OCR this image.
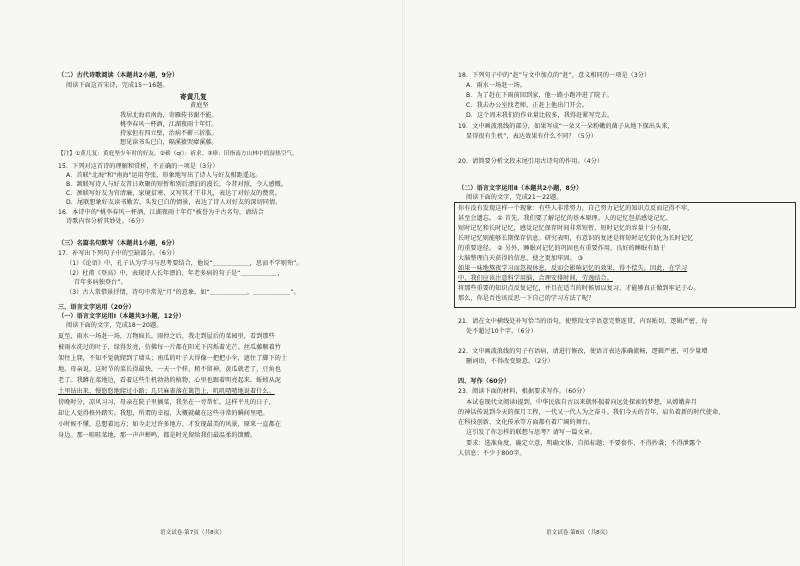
（二）古代诗歌阅读（本题共2小题，9分）
阅读下面这首宋诗，完成15～16题。
寄黄几复
黄庭坚
我居北海君南海，寄雁传书谢不能。
桃李春风一杯酒，江湖夜雨十年灯。
持家但有四立壁，治病不蕲三折肱。
想见读书头已白，隔溪猿哭瘴溪藤。
【注】①黄几复：黄庭坚少年时的好友。②蕲（qí）：祈求。③瘴：旧指南方山林中的湿热空气。
15．下列对这首诗的理解和赏析，不正确的一项是（3分）
A．首联"北海"和"南海"运用夸张，形象地写出了诗人与好友相距遥远。
B．颔联写诗人与好友昔日欢聚的短暂和别后漂泊的漫长，今昔对照，令人感慨。
C．颈联写好友为官清廉、家境贫寒，又写其才干非凡，表达了对好友的赞赏。
D．尾联想象好友读书勤苦、头发已白的情景，表达了诗人对好友的深切同情。
16．本诗中的"桃李春风一杯酒，江湖夜雨十年灯"被誉为千古名句，请结合
诗歌内容分析其妙处。（6分）
（三）名篇名句默写（本题共1小题，6分）
17．补写出下列句子中的空缺部分。（6分）
（1）《论语》中，孔子认为学习与思考要结合，他说“＿＿＿＿＿＿，思而不学则殆”。
（2）杜甫《登高》中，表现诗人长年漂泊、年老多病的句子是“＿＿＿＿＿＿，
百年多病独登台”。
（3）古人常借景抒情，诗句中常见“月”的意象，如“＿＿＿＿＿＿，＿＿＿＿＿＿”。
三、语言文字运用（20分）
（一）语言文字运用Ⅰ（本题共3小题，12分）
阅读下面的文字，完成18～20题。
夏至，雨水一场赶一场，万物疯长。雨停之后，我走到屋后的菜园里，看到那些
被雨水洗过的叶子，绿得发亮，仿佛每一片都在阳光下闪烁着光芒。丝瓜藤顺着竹
架往上爬，不知不觉就爬到了墙头；南瓜的叶子大得像一把把小伞，遮住了脚下的土
地。母亲说，这时节的菜长得最快，一天一个样，稍不留神，黄瓜就老了，豆角也
老了。我蹲在菜地边，看着这些生机勃勃的植物，心里也跟着明亮起来。蚯蚓从泥
土里钻出来，慢悠悠地爬过小路；几只麻雀落在篱笆上，叽叽喳喳地说着什么。
傍晚时分，凉风习习，母亲在院子里摘菜，我坐在一旁帮忙。这样平凡的日子，
却让人觉得格外踏实。我想，所谓的幸福，大概就藏在这些寻常的瞬间里吧。
小时候不懂，总想着远方；如今走过许多地方，才发现最美的风景，原来一直都在
身边。那一畦畦菜地，那一声声蝉鸣，都是时光留给我们最温柔的馈赠。
语文试卷·第7页（共8页）
18．下列句子中的“赶”与文中加点的“赶”，意义相同的一项是（3分）
A．雨水一场赶一场。
B．为了赶在下雨前回到家，他一路小跑冲进了院子。
C．我去办公室找老师，正赶上他出门开会。
D．这个周末我们的作业量比较多，我得赶紧写完去。
19．文中画波浪线的部分，如果写成“一朵又一朵粉嫩的菌子从地下探出头来，
显得很有生机”，表达效果有什么不同？（5分）
20．请简要分析文段末尾引用古诗句的作用。（4分）
（二）语言文字运用Ⅱ（本题共2小题，8分）
阅读下面的文字，完成21～22题。
你有没有发现这样一个现象：有些人非常努力，自己努力记忆的知识点反而记得不牢，
甚至会遗忘。 ① 首先，我们要了解记忆的基本原理。人的记忆包括感觉记忆、
短时记忆和长时记忆，感觉记忆保存时间非常短暂，短时记忆的容量十分有限，
长时记忆则能够长期保存信息。研究表明，有意识的复述是将短时记忆转化为长时记忆
的重要途径。 ② 另外，睡眠对记忆的巩固也有重要作用，良好的睡眠有助于
大脑整理白天获得的信息，使之更加牢固。 ③
如果一味地熬夜学习而忽视休息，反而会影响记忆的效果，得不偿失。因此，在学习
中，我们应该注意科学用脑，合理安排时间，劳逸结合。
将那些重要的知识点反复记忆，并且在适当的时候加以复习，才能够真正做到牢记于心。
那么，你是否也该反思一下自己的学习方法了呢？
21．请在文中横线处补写恰当的语句，使整段文字语意完整连贯，内容贴切，逻辑严密，每
处不超过10个字。（6分）
22．文中画波浪线的句子有语病，请进行修改，使语言表达准确流畅，逻辑严密，可少量增
删词语，不得改变原意。（2分）
四、写作（60分）
23．阅读下面的材料，根据要求写作。（60分）
本试卷现代文阅读Ⅰ提到，中华民族自古以来就怀揣着向远处探索的梦想，从嫦娥奔月
的神话传说到今天的探月工程，一代又一代人为之奋斗。我们今天的青年，肩负着新的时代使命，
在科技创新、文化传承等方面都有着广阔的舞台。
这引发了你怎样的联想与思考？请写一篇文章。
要求：选准角度，确定立意，明确文体，自拟标题；不要套作，不得抄袭；不得泄露个
人信息；不少于800字。
语文试卷·第8页（共8页）
